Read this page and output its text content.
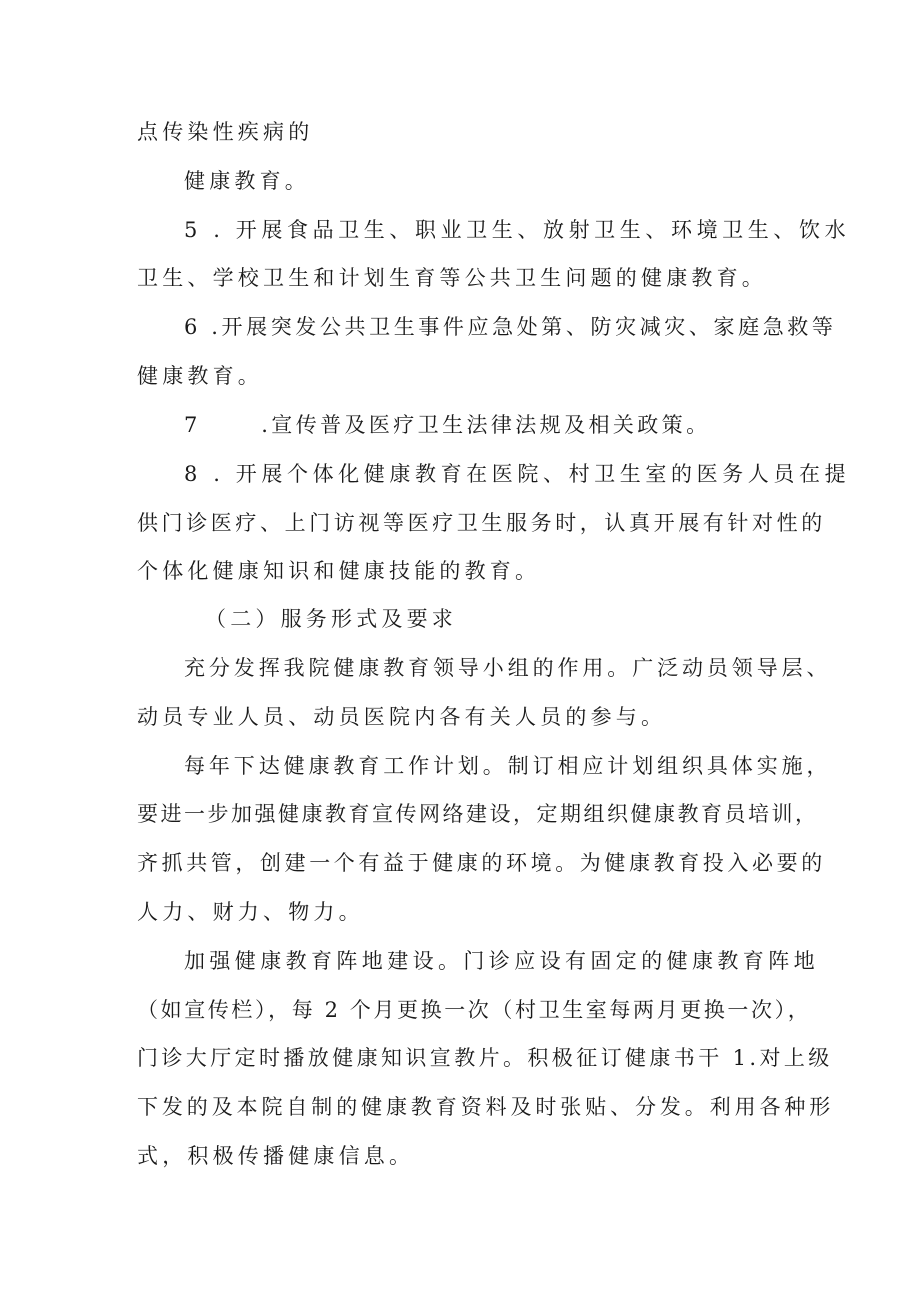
点传染性疾病的
健康教育。
5 . 开展食品卫生、职业卫生、放射卫生、环境卫生、饮水
卫生、学校卫生和计划生育等公共卫生问题的健康教育。
6 .开展突发公共卫生事件应急处第、防灾减灾、家庭急救等
健康教育。
7      .宣传普及医疗卫生法律法规及相关政策。
8 . 开展个体化健康教育在医院、村卫生室的医务人员在提
供门诊医疗、上门访视等医疗卫生服务时，认真开展有针对性的
个体化健康知识和健康技能的教育。
（二）服务形式及要求
充分发挥我院健康教育领导小组的作用。广泛动员领导层、
动员专业人员、动员医院内各有关人员的参与。
每年下达健康教育工作计划。制订相应计划组织具体实施，
要进一步加强健康教育宣传网络建设，定期组织健康教育员培训，
齐抓共管，创建一个有益于健康的环境。为健康教育投入必要的
人力、财力、物力。
加强健康教育阵地建设。门诊应设有固定的健康教育阵地
（如宣传栏），每 2 个月更换一次（村卫生室每两月更换一次），
门诊大厅定时播放健康知识宣教片。积极征订健康书干 1.对上级
下发的及本院自制的健康教育资料及时张贴、分发。利用各种形
式，积极传播健康信息。
